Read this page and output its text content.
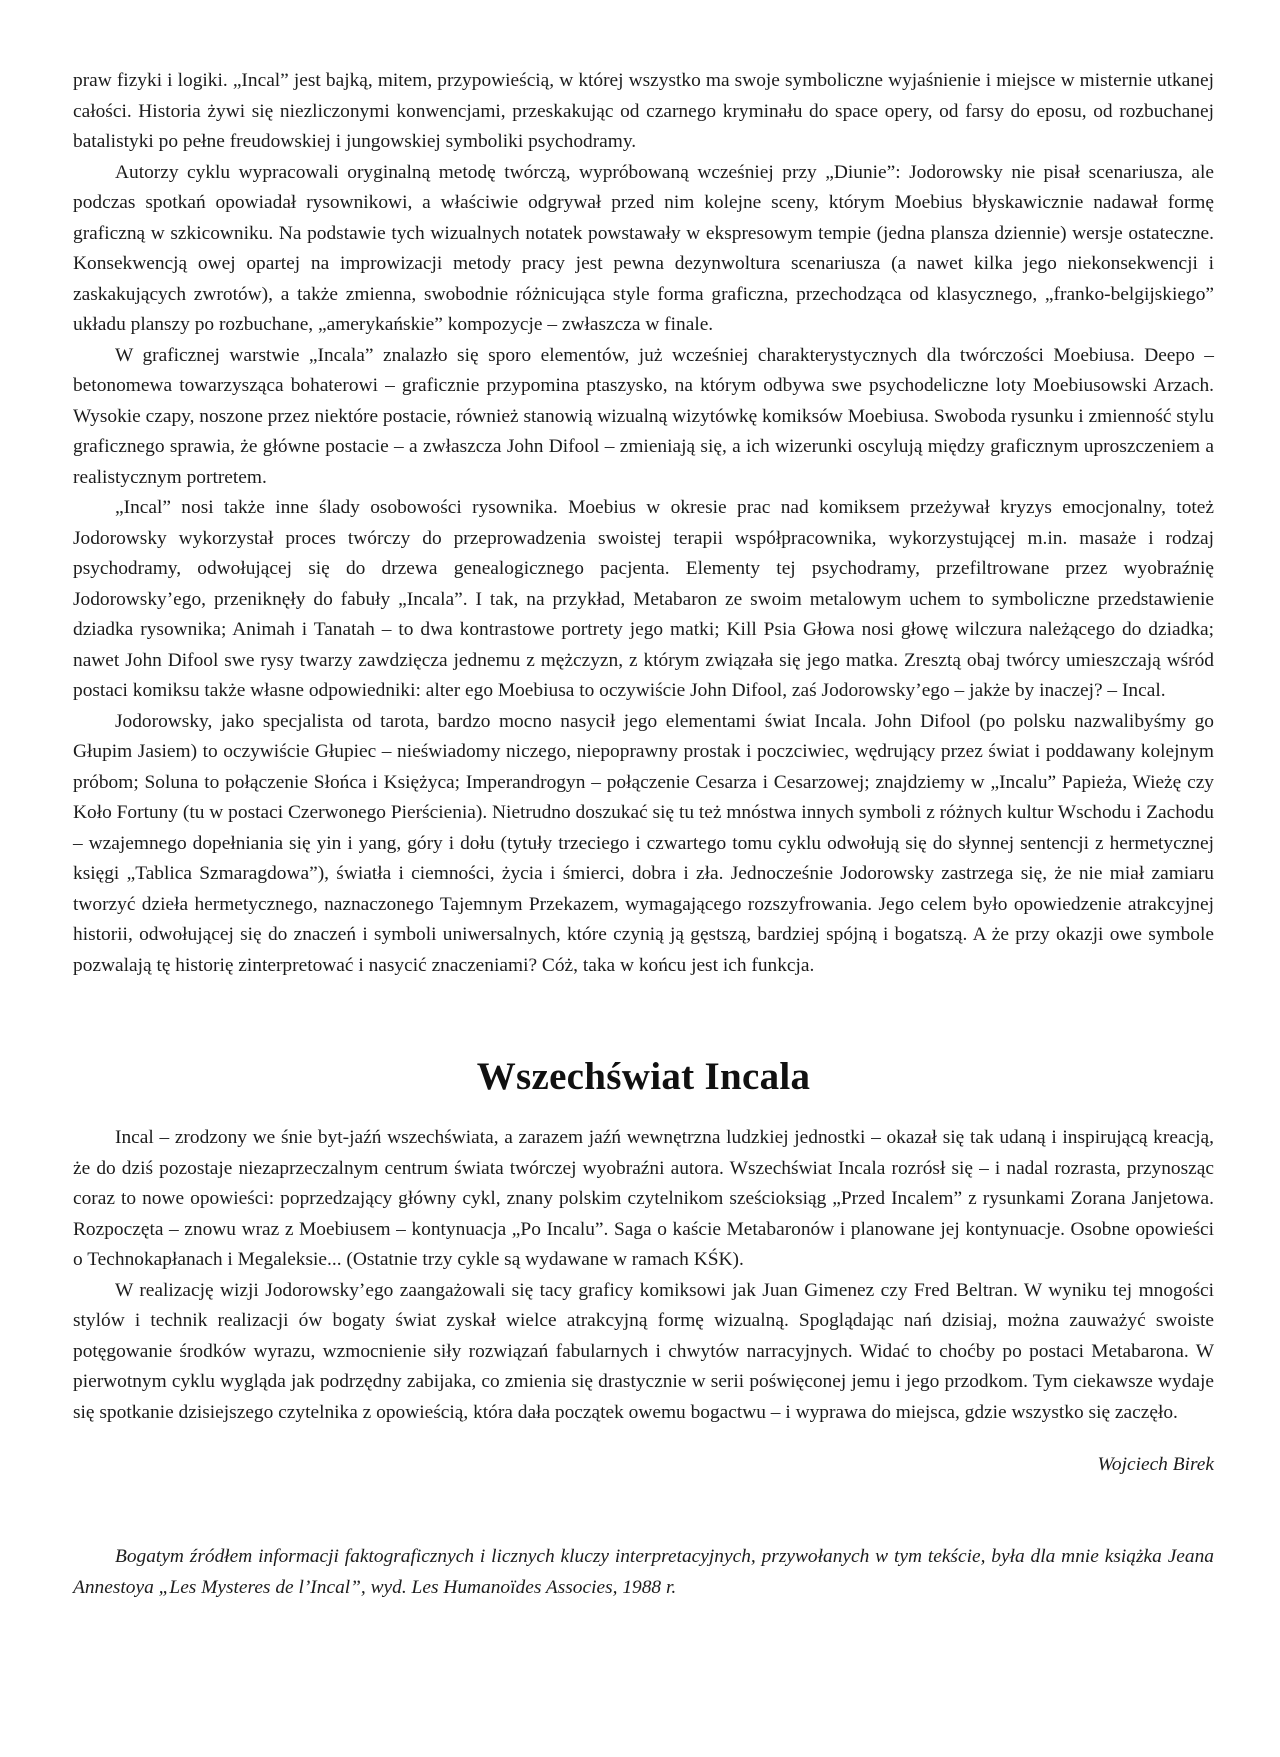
praw fizyki i logiki. „Incal” jest bajką, mitem, przypowieścią, w której wszystko ma swoje symboliczne wyjaśnienie i miejsce w misternie utkanej całości. Historia żywi się niezliczonymi konwencjami, przeskakując od czarnego kryminału do space opery, od farsy do eposu, od rozbuchanej batalistyki po pełne freudowskiej i jungowskiej symboliki psychodramy.

Autorzy cyklu wypracowali oryginalną metodę twórczą, wypróbowaną wcześniej przy „Diunie”: Jodorowsky nie pisał scenariusza, ale podczas spotkań opowiadał rysownikowi, a właściwie odgrywał przed nim kolejne sceny, którym Moebius błyskawicznie nadawał formę graficzną w szkicowniku. Na podstawie tych wizualnych notatek powstawały w ekspresowym tempie (jedna plansza dziennie) wersje ostateczne. Konsekwencją owej opartej na improwizacji metody pracy jest pewna dezynwoltura scenariusza (a nawet kilka jego niekonsekwencji i zaskakujących zwrotów), a także zmienna, swobodnie różnicująca style forma graficzna, przechodząca od klasycznego, „franko-belgijskiego” układu planszy po rozbuchane, „amerykańskie” kompozycje – zwłaszcza w finale.

W graficznej warstwie „Incala” znalazło się sporo elementów, już wcześniej charakterystycznych dla twórczości Moebiusa. Deepo – betonomewa towarzysząca bohaterowi – graficznie przypomina ptaszysko, na którym odbywa swe psychodeliczne loty Moebiusowski Arzach. Wysokie czapy, noszone przez niektóre postacie, również stanowią wizualną wizytówkę komiksów Moebiusa. Swoboda rysunku i zmienność stylu graficznego sprawia, że główne postacie – a zwłaszcza John Difool – zmieniają się, a ich wizerunki oscylują między graficznym uproszczeniem a realistycznym portretem.

„Incal” nosi także inne ślady osobowości rysownika. Moebius w okresie prac nad komiksem przeżywał kryzys emocjonalny, toteż Jodorowsky wykorzystał proces twórczy do przeprowadzenia swoistej terapii współpracownika, wykorzystującej m.in. masaże i rodzaj psychodramy, odwołującej się do drzewa genealogicznego pacjenta. Elementy tej psychodramy, przefiltrowane przez wyobraźnię Jodorowsky’ego, przeniknęły do fabuły „Incala”. I tak, na przykład, Metabaron ze swoim metalowym uchem to symboliczne przedstawienie dziadka rysownika; Animah i Tanatah – to dwa kontrastowe portrety jego matki; Kill Psia Głowa nosi głowę wilczura należącego do dziadka; nawet John Difool swe rysy twarzy zawdzięcza jednemu z mężczyzn, z którym związała się jego matka. Zresztą obaj twórcy umieszczają wśród postaci komiksu także własne odpowiedniki: alter ego Moebiusa to oczywiście John Difool, zaś Jodorowsky’ego – jakże by inaczej? – Incal.

Jodorowsky, jako specjalista od tarota, bardzo mocno nasycił jego elementami świat Incala. John Difool (po polsku nazwalibyśmy go Głupim Jasiem) to oczywiście Głupiec – nieświadomy niczego, niepoprawny prostak i poczciwiec, wędrujący przez świat i poddawany kolejnym próbom; Soluna to połączenie Słońca i Księżyca; Imperandrogyn – połączenie Cesarza i Cesarzowej; znajdziemy w „Incalu” Papieża, Wieżę czy Koło Fortuny (tu w postaci Czerwonego Pierścienia). Nietrudno doszukać się tu też mnóstwa innych symboli z różnych kultur Wschodu i Zachodu – wzajemnego dopełniania się yin i yang, góry i dołu (tytuły trzeciego i czwartego tomu cyklu odwołują się do słynnej sentencji z hermetycznej księgi „Tablica Szmaragdowa”), światła i ciemności, życia i śmierci, dobra i zła. Jednocześnie Jodorowsky zastrzega się, że nie miał zamiaru tworzyć dzieła hermetycznego, naznaczonego Tajemnym Przekazem, wymagającego rozszyfrowania. Jego celem było opowiedzenie atrakcyjnej historii, odwołującej się do znaczeń i symboli uniwersalnych, które czynią ją gęstszą, bardziej spójną i bogatszą. A że przy okazji owe symbole pozwalają tę historię zinterpretować i nasycić znaczeniami? Cóż, taka w końcu jest ich funkcja.

Wszechświat Incala

Incal – zrodzony we śnie byt-jaźń wszechświata, a zarazem jaźń wewnętrzna ludzkiej jednostki – okazał się tak udaną i inspirującą kreacją, że do dziś pozostaje niezaprzeczalnym centrum świata twórczej wyobraźni autora. Wszechświat Incala rozrósł się – i nadal rozrasta, przynosząc coraz to nowe opowieści: poprzedzający główny cykl, znany polskim czytelnikom sześcioksiąg „Przed Incalem” z rysunkami Zorana Janjetowa. Rozpoczęta – znowu wraz z Moebiusem – kontynuacja „Po Incalu”. Saga o kaście Metabaronów i planowane jej kontynuacje. Osobne opowieści o Technokapłanach i Megaleksie... (Ostatnie trzy cykle są wydawane w ramach KŚK).

W realizację wizji Jodorowsky’ego zaangażowali się tacy graficy komiksowi jak Juan Gimenez czy Fred Beltran. W wyniku tej mnogości stylów i technik realizacji ów bogaty świat zyskał wielce atrakcyjną formę wizualną. Spoglądając nań dzisiaj, można zauważyć swoiste potęgowanie środków wyrazu, wzmocnienie siły rozwiązań fabularnych i chwytów narracyjnych. Widać to choćby po postaci Metabarona. W pierwotnym cyklu wygląda jak podrzędny zabijaka, co zmienia się drastycznie w serii poświęconej jemu i jego przodkom. Tym ciekawsze wydaje się spotkanie dzisiejszego czytelnika z opowieścią, która dała początek owemu bogactwu – i wyprawa do miejsca, gdzie wszystko się zaczęło.

Wojciech Birek

Bogatym źródłem informacji faktograficznych i licznych kluczy interpretacyjnych, przywołanych w tym tekście, była dla mnie książka Jeana Annestoya „Les Mysteres de l’Incal”, wyd. Les Humanoïdes Associes, 1988 r.
